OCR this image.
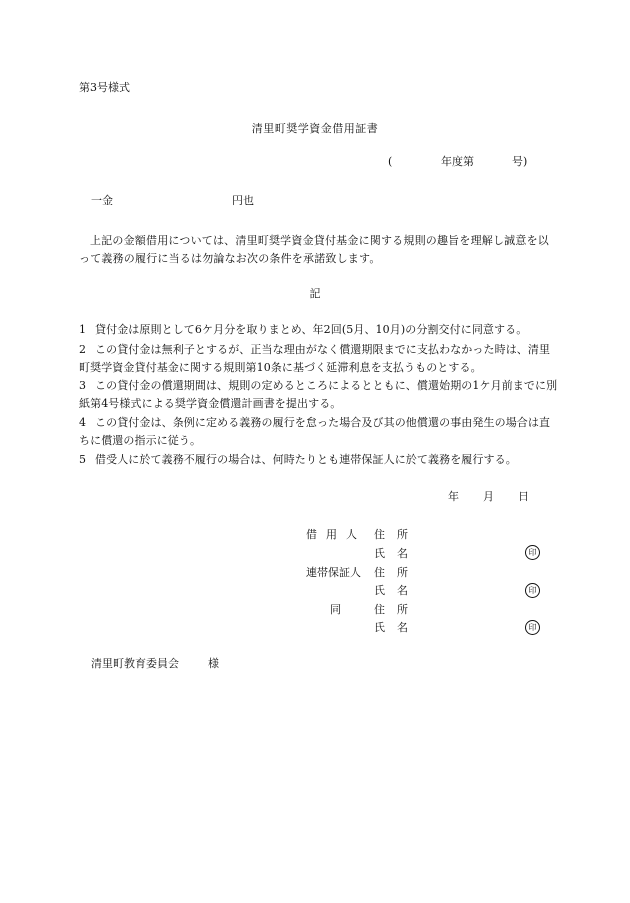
第3号様式
清里町奨学資金借用証書
(	年度第	号)
一金	円也
上記の金額借用については、清里町奨学資金貸付基金に関する規則の趣旨を理解し誠意を以って義務の履行に当るは勿論なお次の条件を承諾致します。
記
1 貸付金は原則として6ケ月分を取りまとめ、年2回(5月、10月)の分割交付に同意する。
2 この貸付金は無利子とするが、正当な理由がなく償還期限までに支払わなかった時は、清里町奨学資金貸付基金に関する規則第10条に基づく延滞利息を支払うものとする。
3 この貸付金の償還期間は、規則の定めるところによるとともに、償還始期の1ケ月前までに別紙第4号様式による奨学資金償還計画書を提出する。
4 この貸付金は、条例に定める義務の履行を怠った場合及び其の他償還の事由発生の場合は直ちに償還の指示に従う。
5 借受人に於て義務不履行の場合は、何時たりとも連帯保証人に於て義務を履行する。
年 月 日
借用人 住所
氏名	印
連帯保証人 住所
氏名	印
同	住所
氏名	印
清里町教育委員会	様
